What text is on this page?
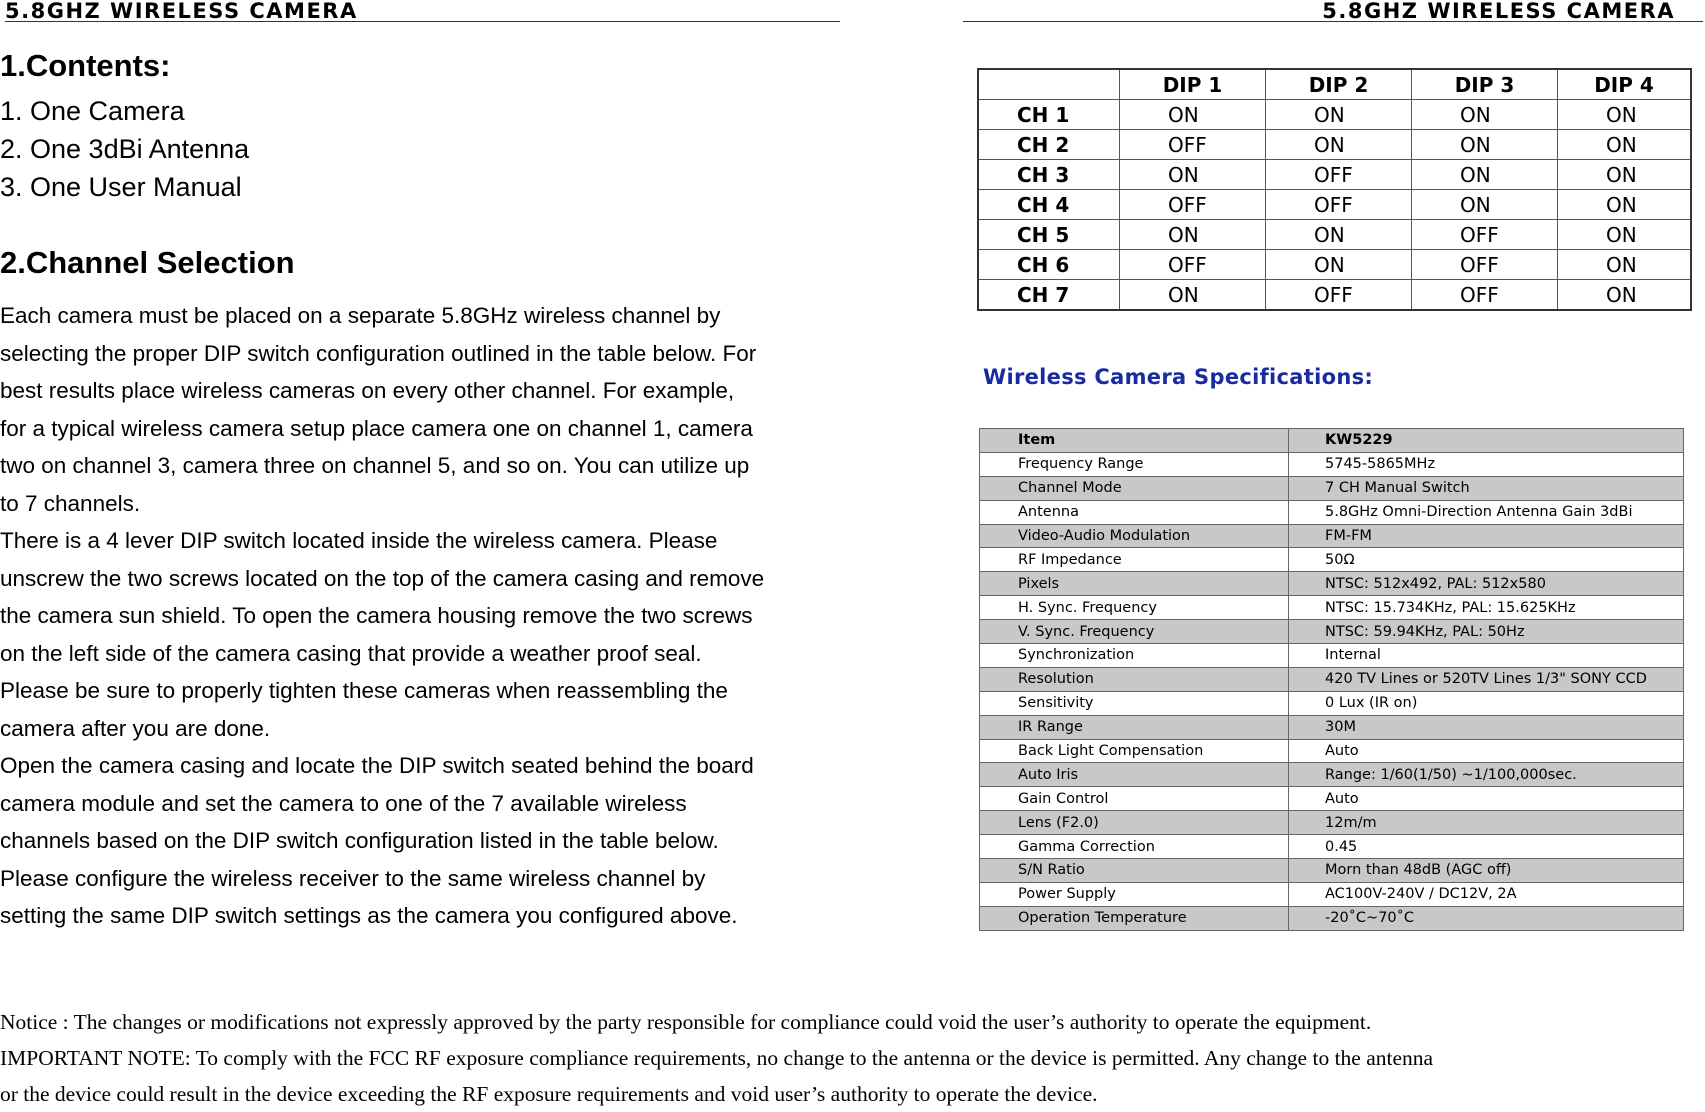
5.8GHZ WIRELESS CAMERA	5.8GHZ WIRELESS CAMERA
1.Contents:
1. One Camera
2. One 3dBi Antenna
3. One User Manual
2.Channel Selection
Each camera must be placed on a separate 5.8GHz wireless channel by
selecting the proper DIP switch configuration outlined in the table below. For
best results place wireless cameras on every other channel. For example,
for a typical wireless camera setup place camera one on channel 1, camera
two on channel 3, camera three on channel 5, and so on. You can utilize up
to 7 channels.
There is a 4 lever DIP switch located inside the wireless camera. Please
unscrew the two screws located on the top of the camera casing and remove
the camera sun shield. To open the camera housing remove the two screws
on the left side of the camera casing that provide a weather proof seal.
Please be sure to properly tighten these cameras when reassembling the
camera after you are done.
Open the camera casing and locate the DIP switch seated behind the board
camera module and set the camera to one of the 7 available wireless
channels based on the DIP switch configuration listed in the table below.
Please configure the wireless receiver to the same wireless channel by
setting the same DIP switch settings as the camera you configured above.
	DIP 1	DIP 2	DIP 3	DIP 4
CH 1	ON	ON	ON	ON
CH 2	OFF	ON	ON	ON
CH 3	ON	OFF	ON	ON
CH 4	OFF	OFF	ON	ON
CH 5	ON	ON	OFF	ON
CH 6	OFF	ON	OFF	ON
CH 7	ON	OFF	OFF	ON
Wireless Camera Specifications:
Item	KW5229
Frequency Range	5745-5865MHz
Channel Mode	7 CH Manual Switch
Antenna	5.8GHz Omni-Direction Antenna Gain 3dBi
Video-Audio Modulation	FM-FM
RF Impedance	50Ω
Pixels	NTSC: 512x492, PAL: 512x580
H. Sync. Frequency	NTSC: 15.734KHz, PAL: 15.625KHz
V. Sync. Frequency	NTSC: 59.94KHz, PAL: 50Hz
Synchronization	Internal
Resolution	420 TV Lines or 520TV Lines 1/3" SONY CCD
Sensitivity	0 Lux (IR on)
IR Range	30M
Back Light Compensation	Auto
Auto Iris	Range: 1/60(1/50) ~1/100,000sec.
Gain Control	Auto
Lens (F2.0)	12m/m
Gamma Correction	0.45
S/N Ratio	Morn than 48dB (AGC off)
Power Supply	AC100V-240V / DC12V, 2A
Operation Temperature	-20˚C~70˚C
Notice : The changes or modifications not expressly approved by the party responsible for compliance could void the user’s authority to operate the equipment.
IMPORTANT NOTE: To comply with the FCC RF exposure compliance requirements, no change to the antenna or the device is permitted. Any change to the antenna
or the device could result in the device exceeding the RF exposure requirements and void user’s authority to operate the device.
